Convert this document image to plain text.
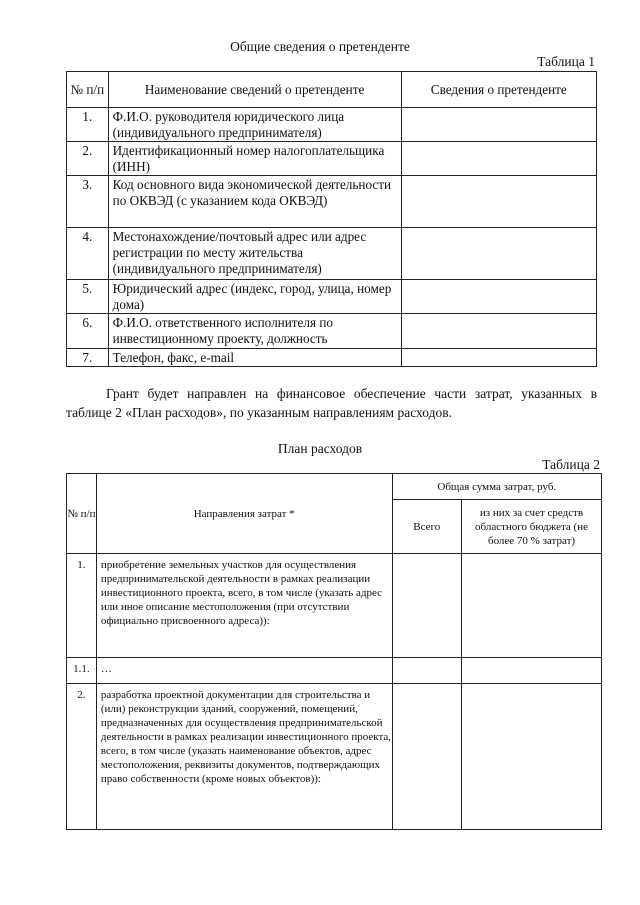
Общие сведения о претенденте
Таблица 1
№ п/п	Наименование сведений о претенденте	Сведения о претенденте
1.	Ф.И.О. руководителя юридического лица (индивидуального предпринимателя)	
2.	Идентификационный номер налогоплательщика (ИНН)	
3.	Код основного вида экономической деятельности по ОКВЭД (с указанием кода ОКВЭД)	
4.	Местонахождение/почтовый адрес или адрес регистрации по месту жительства (индивидуального предпринимателя)	
5.	Юридический адрес (индекс, город, улица, номер дома)	
6.	Ф.И.О. ответственного исполнителя по инвестиционному проекту, должность	
7.	Телефон, факс, e-mail	
Грант будет направлен на финансовое обеспечение части затрат, указанных в таблице 2 «План расходов», по указанным направлениям расходов.
План расходов
Таблица 2
№ п/п	Направления затрат *	Общая сумма затрат, руб.	
		Всего	из них за счет средств областного бюджета (не более 70 % затрат)
1.	приобретение земельных участков для осуществления предпринимательской деятельности в рамках реализации инвестиционного проекта, всего, в том числе (указать адрес или иное описание местоположения (при отсутствии официально присвоенного адреса)):		
1.1.	…		
2.	разработка проектной документации для строительства и (или) реконструкции зданий, сооружений, помещений, предназначенных для осуществления предпринимательской деятельности в рамках реализации инвестиционного проекта, всего, в том числе (указать наименование объектов, адрес местоположения, реквизиты документов, подтверждающих право собственности (кроме новых объектов)):		
